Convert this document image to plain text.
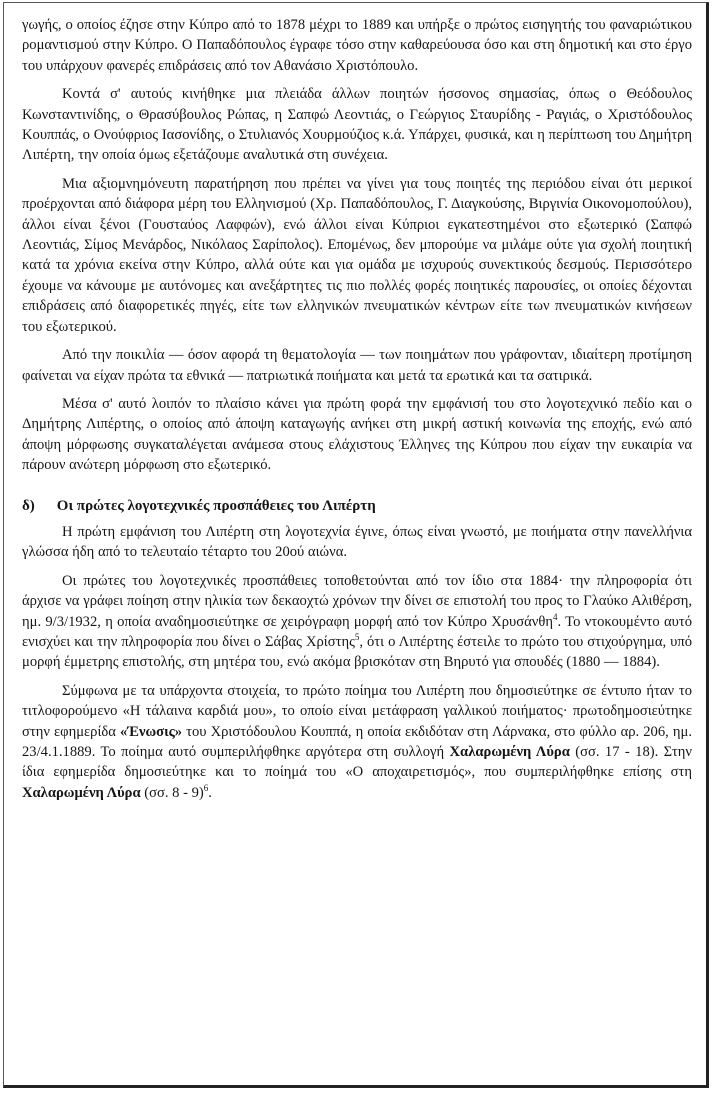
γωγής, ο οποίος έζησε στην Κύπρο από το 1878 μέχρι το 1889 και υπήρξε ο πρώτος εισηγητής του φαναριώτικου ρομαντισμού στην Κύπρο. Ο Παπαδόπουλος έγραφε τόσο στην καθαρεύουσα όσο και στη δημοτική και στο έργο του υπάρχουν φανερές επιδράσεις από τον Αθανάσιο Χριστόπουλο.

Κοντά σ' αυτούς κινήθηκε μια πλειάδα άλλων ποιητών ήσσονος σημασίας, όπως ο Θεόδουλος Κωνσταντινίδης, ο Θρασύβουλος Ρώπας, η Σαπφώ Λεοντιάς, ο Γεώργιος Σταυρίδης - Ραγιάς, ο Χριστόδουλος Κουππάς, ο Ονούφριος Ιασονίδης, ο Στυλιανός Χουρμούζιος κ.ά. Υπάρχει, φυσικά, και η περίπτωση του Δημήτρη Λιπέρτη, την οποία όμως εξετάζουμε αναλυτικά στη συνέχεια.

Μια αξιομνημόνευτη παρατήρηση που πρέπει να γίνει για τους ποιητές της περιόδου είναι ότι μερικοί προέρχονται από διάφορα μέρη του Ελληνισμού (Χρ. Παπαδόπουλος, Γ. Διαγκούσης, Βιργινία Οικονομοπούλου), άλλοι είναι ξένοι (Γουσταύος Λαφφών), ενώ άλλοι είναι Κύπριοι εγκατεστημένοι στο εξωτερικό (Σαπφώ Λεοντιάς, Σίμος Μενάρδος, Νικόλαος Σαρίπολος). Επομένως, δεν μπορούμε να μιλάμε ούτε για σχολή ποιητική κατά τα χρόνια εκείνα στην Κύπρο, αλλά ούτε και για ομάδα με ισχυρούς συνεκτικούς δεσμούς. Περισσότερο έχουμε να κάνουμε με αυτόνομες και ανεξάρτητες τις πιο πολλές φορές ποιητικές παρουσίες, οι οποίες δέχονται επιδράσεις από διαφορετικές πηγές, είτε των ελληνικών πνευματικών κέντρων είτε των πνευματικών κινήσεων του εξωτερικού.

Από την ποικιλία — όσον αφορά τη θεματολογία — των ποιημάτων που γράφονταν, ιδιαίτερη προτίμηση φαίνεται να είχαν πρώτα τα εθνικά — πατριωτικά ποιήματα και μετά τα ερωτικά και τα σατιρικά.

Μέσα σ' αυτό λοιπόν το πλαίσιο κάνει για πρώτη φορά την εμφάνισή του στο λογοτεχνικό πεδίο και ο Δημήτρης Λιπέρτης, ο οποίος από άποψη καταγωγής ανήκει στη μικρή αστική κοινωνία της εποχής, ενώ από άποψη μόρφωσης συγκαταλέγεται ανάμεσα στους ελάχιστους Έλληνες της Κύπρου που είχαν την ευκαιρία να πάρουν ανώτερη μόρφωση στο εξωτερικό.

δ) Οι πρώτες λογοτεχνικές προσπάθειες του Λιπέρτη

Η πρώτη εμφάνιση του Λιπέρτη στη λογοτεχνία έγινε, όπως είναι γνωστό, με ποιήματα στην πανελλήνια γλώσσα ήδη από το τελευταίο τέταρτο του 20ού αιώνα.

Οι πρώτες του λογοτεχνικές προσπάθειες τοποθετούνται από τον ίδιο στα 1884· την πληροφορία ότι άρχισε να γράφει ποίηση στην ηλικία των δεκαοχτώ χρόνων την δίνει σε επιστολή του προς το Γλαύκο Αλιθέρση, ημ. 9/3/1932, η οποία αναδημοσιεύτηκε σε χειρόγραφη μορφή από τον Κύπρο Χρυσάνθη$^4$. Το ντοκουμέντο αυτό ενισχύει και την πληροφορία που δίνει ο Σάβας Χρίστης$^5$, ότι ο Λιπέρτης έστειλε το πρώτο του στιχούργημα, υπό μορφή έμμετρης επιστολής, στη μητέρα του, ενώ ακόμα βρισκόταν στη Βηρυτό για σπουδές (1880 — 1884).

Σύμφωνα με τα υπάρχοντα στοιχεία, το πρώτο ποίημα του Λιπέρτη που δημοσιεύτηκε σε έντυπο ήταν το τιτλοφορούμενο «Η τάλαινα καρδιά μου», το οποίο είναι μετάφραση γαλλικού ποιήματος· πρωτοδημοσιεύτηκε στην εφημερίδα «Ένωσις» του Χριστόδουλου Κουππά, η οποία εκδιδόταν στη Λάρνακα, στο φύλλο αρ. 206, ημ. 23/4.1.1889. Το ποίημα αυτό συμπεριλήφθηκε αργότερα στη συλλογή Χαλαρωμένη Λύρα (σσ. 17 - 18). Στην ίδια εφημερίδα δημοσιεύτηκε και το ποίημά του «Ο αποχαιρετισμός», που συμπεριλήφθηκε επίσης στη Χαλαρωμένη Λύρα (σσ. 8 - 9)$^6$.
